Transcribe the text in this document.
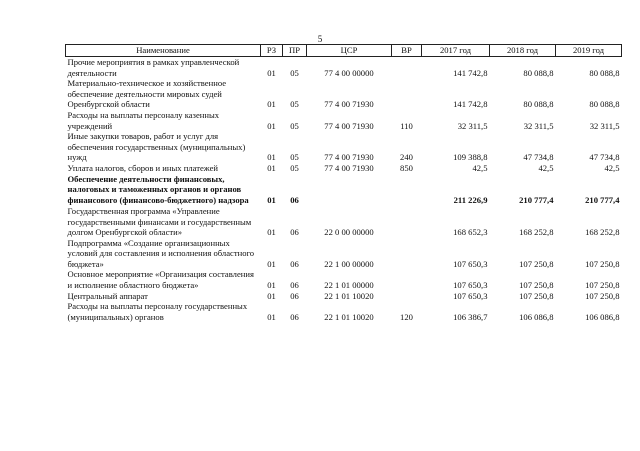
5
Наименование	РЗ	ПР	ЦСР	ВР	2017 год	2018 год	2019 год
Прочие мероприятия в рамках управленческой деятельности	01	05	77 4 00 00000		141 742,8	80 088,8	80 088,8
Материально-техническое и хозяйственное обеспечение деятельности мировых судей Оренбургской области	01	05	77 4 00 71930		141 742,8	80 088,8	80 088,8
Расходы на выплаты персоналу казенных учреждений	01	05	77 4 00 71930	110	32 311,5	32 311,5	32 311,5
Иные закупки товаров, работ и услуг для обеспечения государственных (муниципальных) нужд	01	05	77 4 00 71930	240	109 388,8	47 734,8	47 734,8
Уплата налогов, сборов и иных платежей	01	05	77 4 00 71930	850	42,5	42,5	42,5
Обеспечение деятельности финансовых, налоговых и таможенных органов и органов финансового (финансово-бюджетного) надзора	01	06			211 226,9	210 777,4	210 777,4
Государственная программа «Управление государственными финансами и государственным долгом Оренбургской области»	01	06	22 0 00 00000		168 652,3	168 252,8	168 252,8
Подпрограмма «Создание организационных условий для составления и исполнения областного бюджета»	01	06	22 1 00 00000		107 650,3	107 250,8	107 250,8
Основное мероприятие «Организация составления и исполнение областного бюджета»	01	06	22 1 01 00000		107 650,3	107 250,8	107 250,8
Центральный аппарат	01	06	22 1 01 10020		107 650,3	107 250,8	107 250,8
Расходы на выплаты персоналу государственных (муниципальных) органов	01	06	22 1 01 10020	120	106 386,7	106 086,8	106 086,8
